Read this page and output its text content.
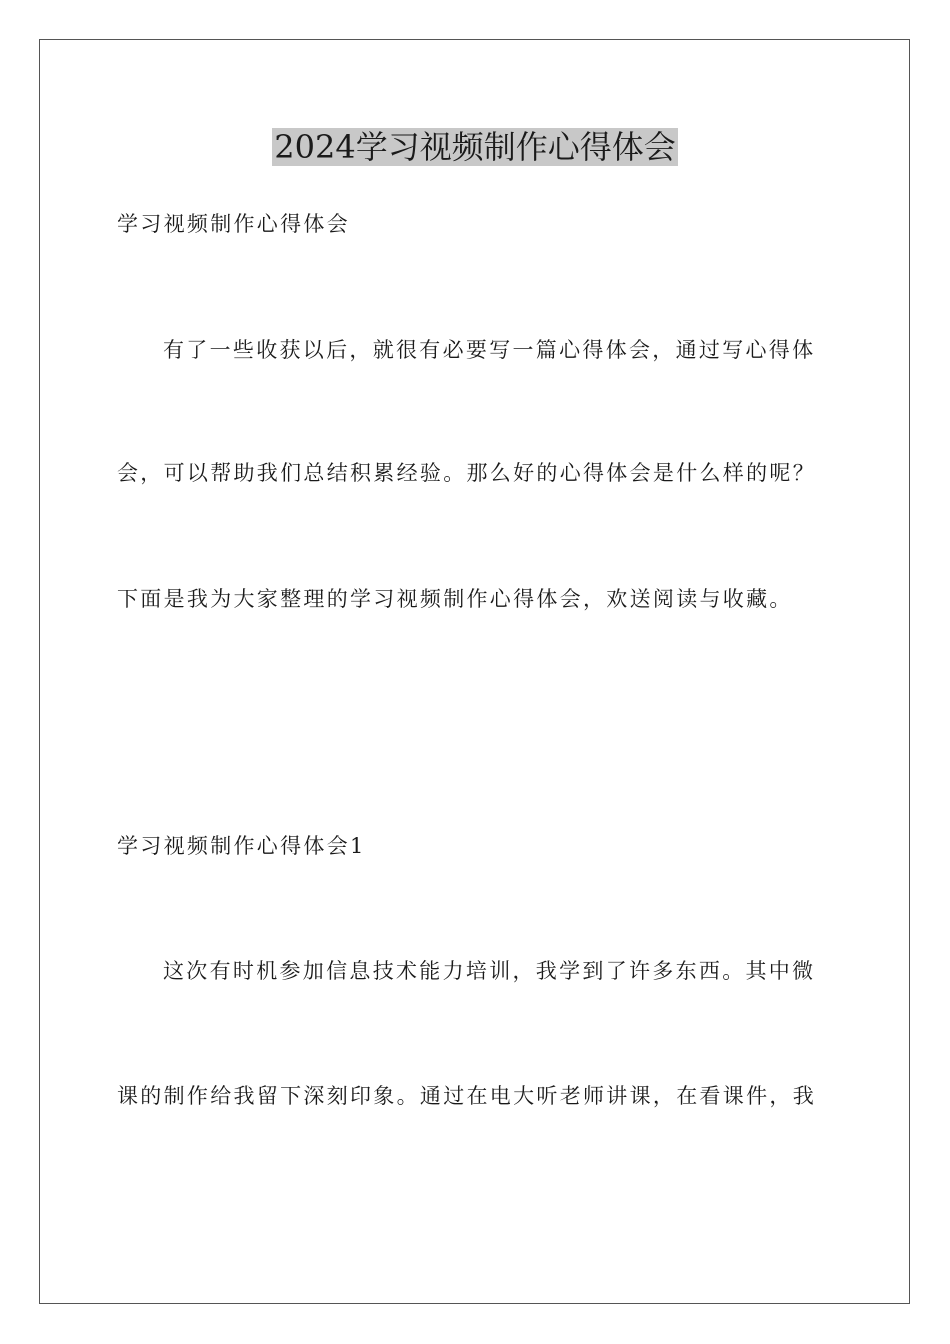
2024学习视频制作心得体会
学习视频制作心得体会
有了一些收获以后，就很有必要写一篇心得体会，通过写心得体
会，可以帮助我们总结积累经验。那么好的心得体会是什么样的呢？
下面是我为大家整理的学习视频制作心得体会，欢送阅读与收藏。
学习视频制作心得体会1
这次有时机参加信息技术能力培训，我学到了许多东西。其中微
课的制作给我留下深刻印象。通过在电大听老师讲课，在看课件，我
